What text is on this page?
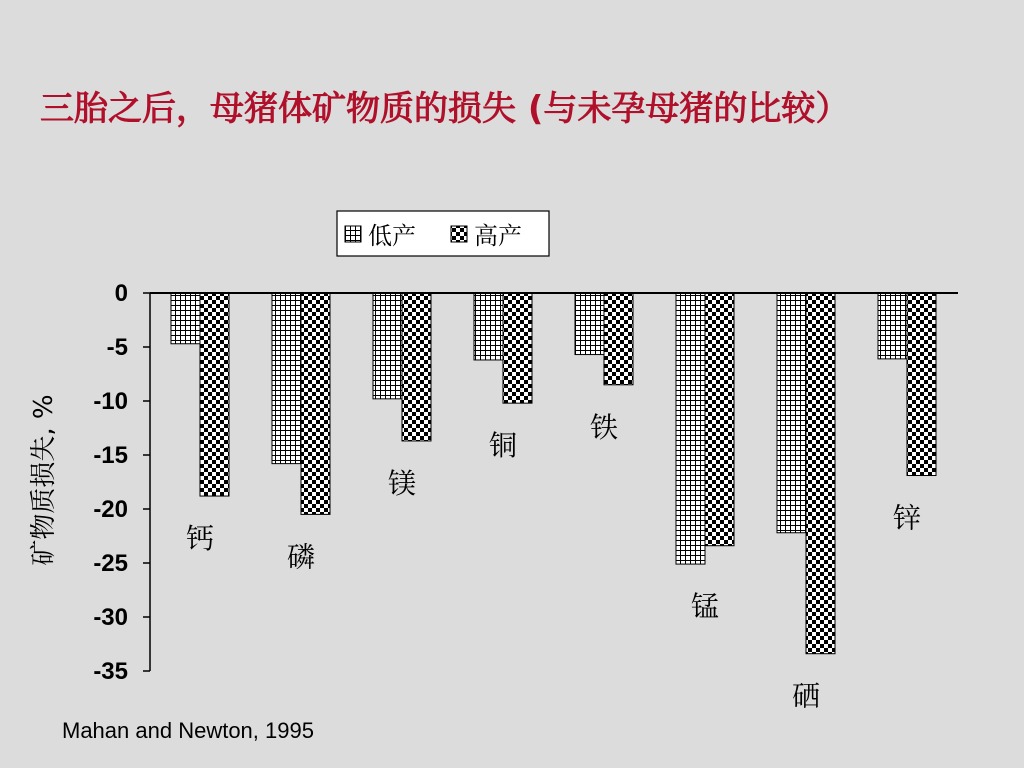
三胎之后，母猪体矿物质的损失 (与未孕母猪的比较）
低产 高产
矿物质损失, %
0
-5
-10
-15
-20
-25
-30
-35
钙
磷
镁
铜
铁
锰
硒
锌
Mahan and Newton, 1995
